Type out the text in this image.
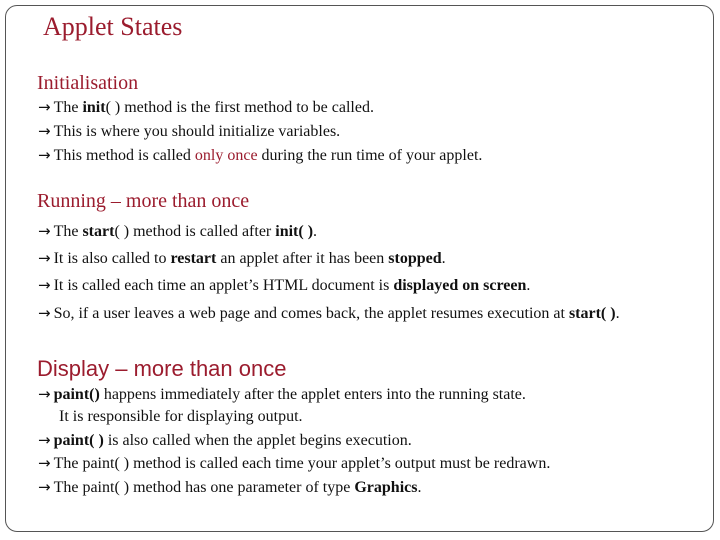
Applet States
Initialisation
→ The init( ) method is the first method to be called.
→ This is where you should initialize variables.
→ This method is called only once during the run time of your applet.
Running – more than once
→ The start( ) method is called after init( ).
→ It is also called to restart an applet after it has been stopped.
→ It is called each time an applet’s HTML document is displayed on screen.
→ So, if a user leaves a web page and comes back, the applet resumes execution at start( ).
Display – more than once
→ paint() happens immediately after the applet enters into the running state.
It is responsible for displaying output.
→ paint( ) is also called when the applet begins execution.
→ The paint( ) method is called each time your applet’s output must be redrawn.
→ The paint( ) method has one parameter of type Graphics.
